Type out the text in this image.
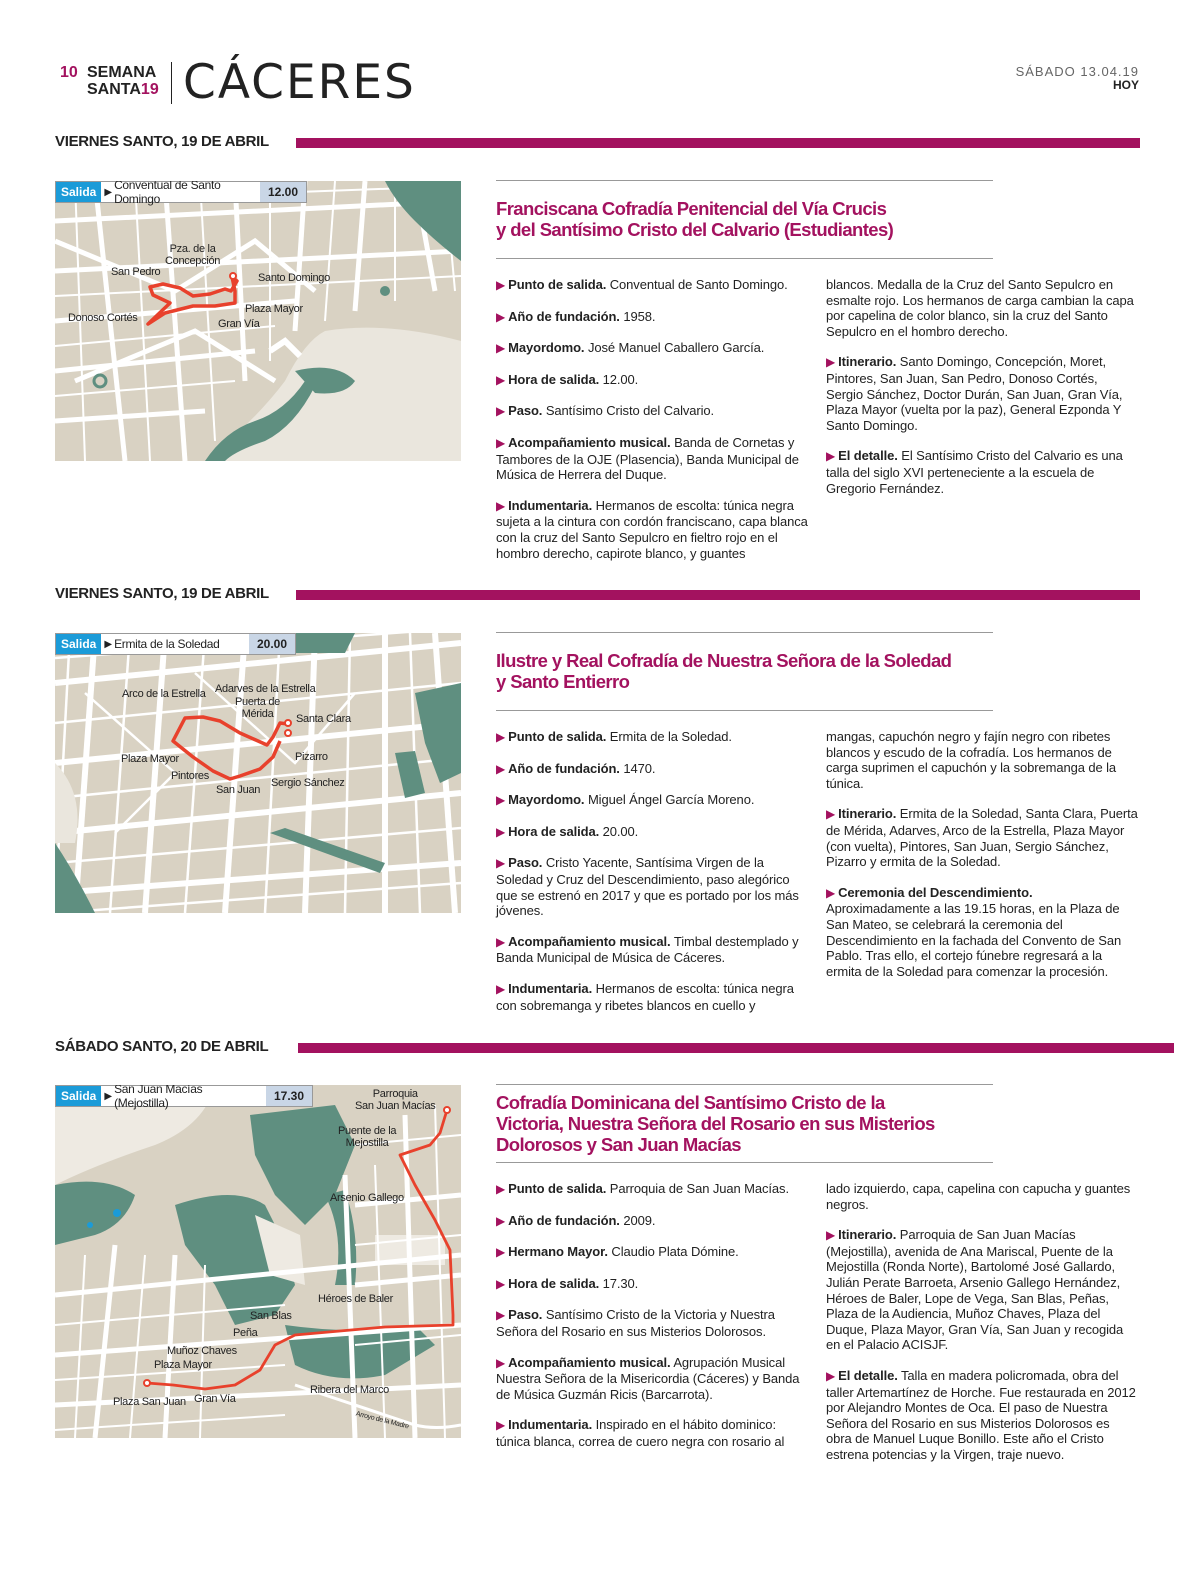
10 SEMANA
SANTA19 CÁCERES	SÁBADO 13.04.19
HOY
VIERNES SANTO, 19 DE ABRIL
Salida ▶ Conventual de Santo Domingo	12.00
Pza. de la
Concepción
San Pedro	Santo Domingo
Plaza Mayor
Donoso Cortés	Gran Vía
Franciscana Cofradía Penitencial del Vía Crucis
y del Santísimo Cristo del Calvario (Estudiantes)

▶ Punto de salida. Conventual de Santo Domingo.

▶ Año de fundación. 1958.

▶ Mayordomo. José Manuel Caballero García.

▶ Hora de salida. 12.00.

▶ Paso. Santísimo Cristo del Calvario.

▶ Acompañamiento musical. Banda de Cornetas y Tambores de la OJE (Plasencia), Banda Municipal de Música de Herrera del Duque.

▶ Indumentaria. Hermanos de escolta: túnica negra sujeta a la cintura con cordón franciscano, capa blanca con la cruz del Santo Sepulcro en fieltro rojo en el hombro derecho, capirote blanco, y guantes

blancos. Medalla de la Cruz del Santo Sepulcro en esmalte rojo. Los hermanos de carga cambian la capa por capelina de color blanco, sin la cruz del Santo Sepulcro en el hombro derecho.

▶ Itinerario. Santo Domingo, Concepción, Moret, Pintores, San Juan, San Pedro, Donoso Cortés, Sergio Sánchez, Doctor Durán, San Juan, Gran Vía, Plaza Mayor (vuelta por la paz), General Ezponda Y Santo Domingo.

▶ El detalle. El Santísimo Cristo del Calvario es una talla del siglo XVI perteneciente a la escuela de Gregorio Fernández.

VIERNES SANTO, 19 DE ABRIL
Salida ▶ Ermita de la Soledad	20.00
Arco de la Estrella Adarves de la Estrella
Puerta de
Mérida	Santa Clara
Plaza Mayor	Pizarro
Pintores
Sergio Sánchez
San Juan
Ilustre y Real Cofradía de Nuestra Señora de la Soledad
y Santo Entierro

▶ Punto de salida. Ermita de la Soledad.

▶ Año de fundación. 1470.

▶ Mayordomo. Miguel Ángel García Moreno.

▶ Hora de salida. 20.00.

▶ Paso. Cristo Yacente, Santísima Virgen de la Soledad y Cruz del Descendimiento, paso alegórico que se estrenó en 2017 y que es portado por los más jóvenes.

▶ Acompañamiento musical. Timbal destemplado y Banda Municipal de Música de Cáceres.

▶ Indumentaria. Hermanos de escolta: túnica negra con sobremanga y ribetes blancos en cuello y

mangas, capuchón negro y fajín negro con ribetes blancos y escudo de la cofradía. Los hermanos de carga suprimen el capuchón y la sobremanga de la túnica.

▶ Itinerario. Ermita de la Soledad, Santa Clara, Puerta de Mérida, Adarves, Arco de la Estrella, Plaza Mayor (con vuelta), Pintores, San Juan, Sergio Sánchez, Pizarro y ermita de la Soledad.

▶ Ceremonia del Descendimiento. Aproximadamente a las 19.15 horas, en la Plaza de San Mateo, se celebrará la ceremonia del Descendimiento en la fachada del Convento de San Pablo. Tras ello, el cortejo fúnebre regresará a la ermita de la Soledad para comenzar la procesión.

SÁBADO SANTO, 20 DE ABRIL
Salida ▶ San Juan Macías (Mejostilla)	17.30	Parroquia
San Juan Macías
Puente de la
Mejostilla
Arsenio Gallego
Héroes de Baler
San Blas
Peña
Muñoz Chaves
Plaza Mayor
Gran Vía
Plaza San Juan
Ribera del Marco
Arroyo de la Madre
Cofradía Dominicana del Santísimo Cristo de la
Victoria, Nuestra Señora del Rosario en sus Misterios
Dolorosos y San Juan Macías

▶ Punto de salida. Parroquia de San Juan Macías.

▶ Año de fundación. 2009.

▶ Hermano Mayor. Claudio Plata Dómine.

▶ Hora de salida. 17.30.

▶ Paso. Santísimo Cristo de la Victoria y Nuestra Señora del Rosario en sus Misterios Dolorosos.

▶ Acompañamiento musical. Agrupación Musical Nuestra Señora de la Misericordia (Cáceres) y Banda de Música Guzmán Ricis (Barcarrota).

▶ Indumentaria. Inspirado en el hábito dominico: túnica blanca, correa de cuero negra con rosario al

lado izquierdo, capa, capelina con capucha y guantes negros.

▶ Itinerario. Parroquia de San Juan Macías (Mejostilla), avenida de Ana Mariscal, Puente de la Mejostilla (Ronda Norte), Bartolomé José Gallardo, Julián Perate Barroeta, Arsenio Gallego Hernández, Héroes de Baler, Lope de Vega, San Blas, Peñas, Plaza de la Audiencia, Muñoz Chaves, Plaza del Duque, Plaza Mayor, Gran Vía, San Juan y recogida en el Palacio ACISJF.

▶ El detalle. Talla en madera policromada, obra del taller Artemartínez de Horche. Fue restaurada en 2012 por Alejandro Montes de Oca. El paso de Nuestra Señora del Rosario en sus Misterios Dolorosos es obra de Manuel Luque Bonillo. Este año el Cristo estrena potencias y la Virgen, traje nuevo.
